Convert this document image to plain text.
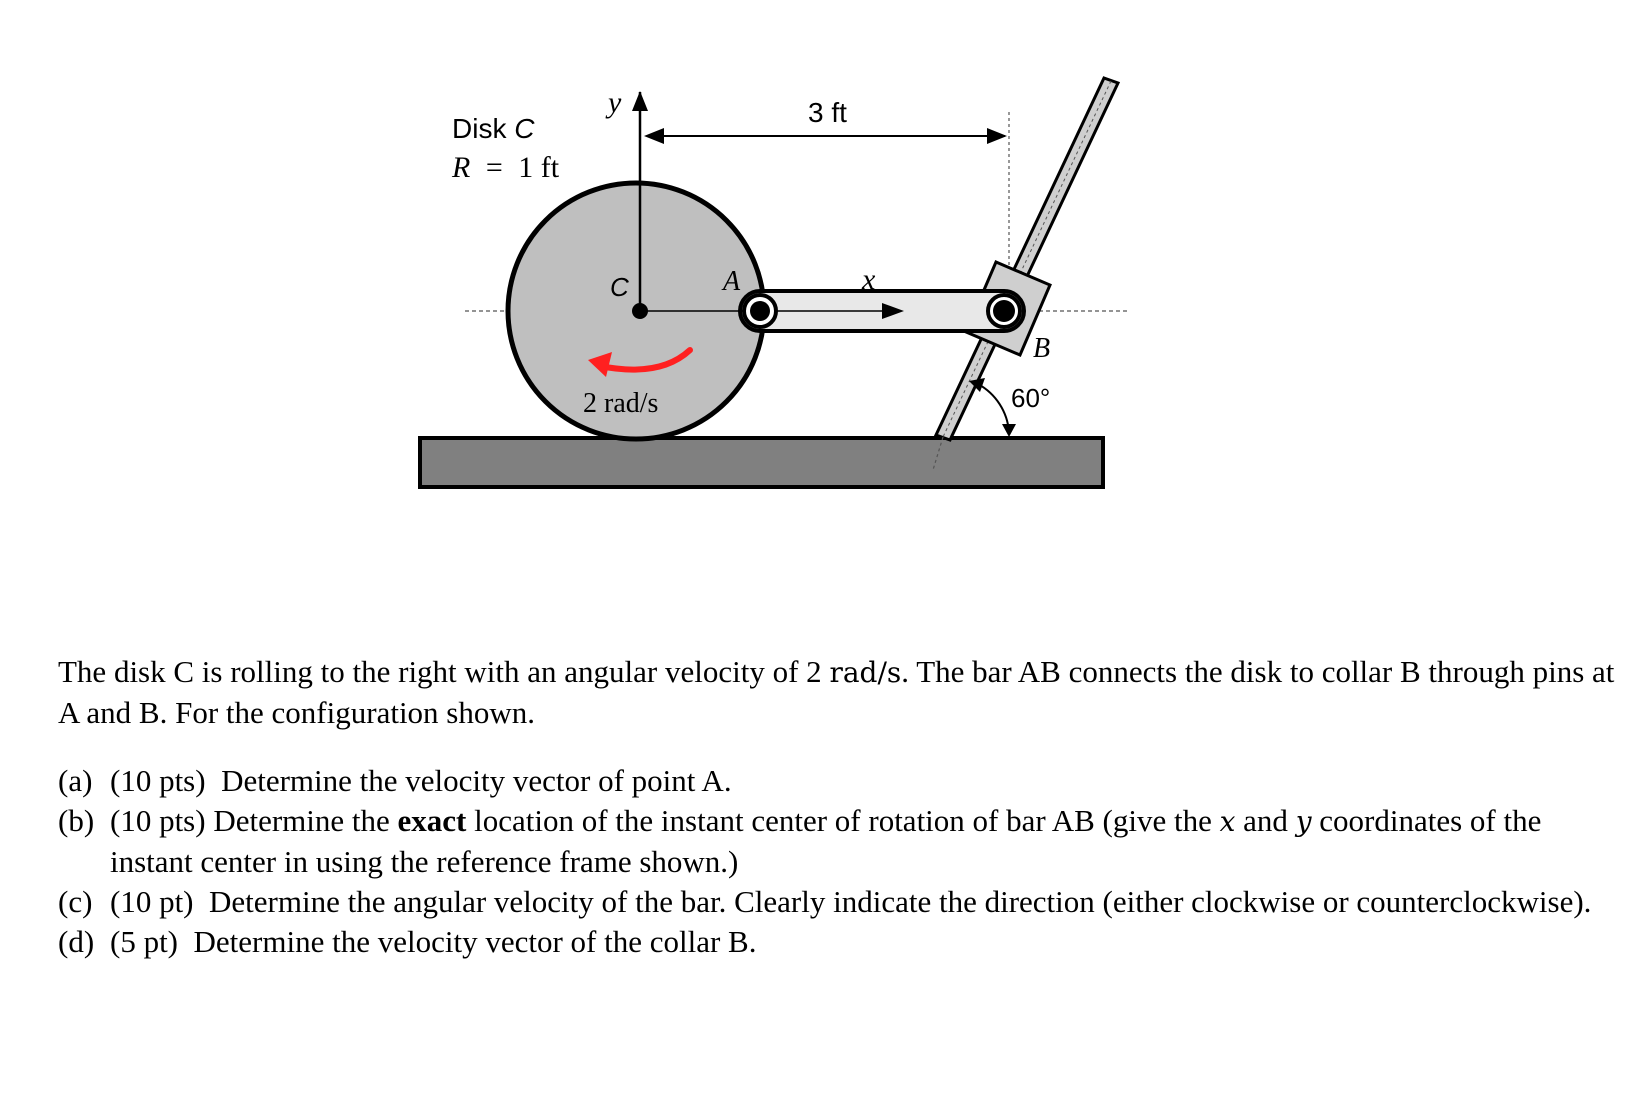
Disk C
R = 1 ft
y	3 ft
C	A	x
B
2 rad/s	60°

The disk C is rolling to the right with an angular velocity of 2 rad/s. The bar AB connects the disk to collar B through pins at A and B. For the configuration shown.

(a) (10 pts) Determine the velocity vector of point A.
(b) (10 pts) Determine the exact location of the instant center of rotation of bar AB (give the x and y coordinates of the instant center in using the reference frame shown.)
(c) (10 pt) Determine the angular velocity of the bar. Clearly indicate the direction (either clockwise or counterclockwise).
(d) (5 pt) Determine the velocity vector of the collar B.
